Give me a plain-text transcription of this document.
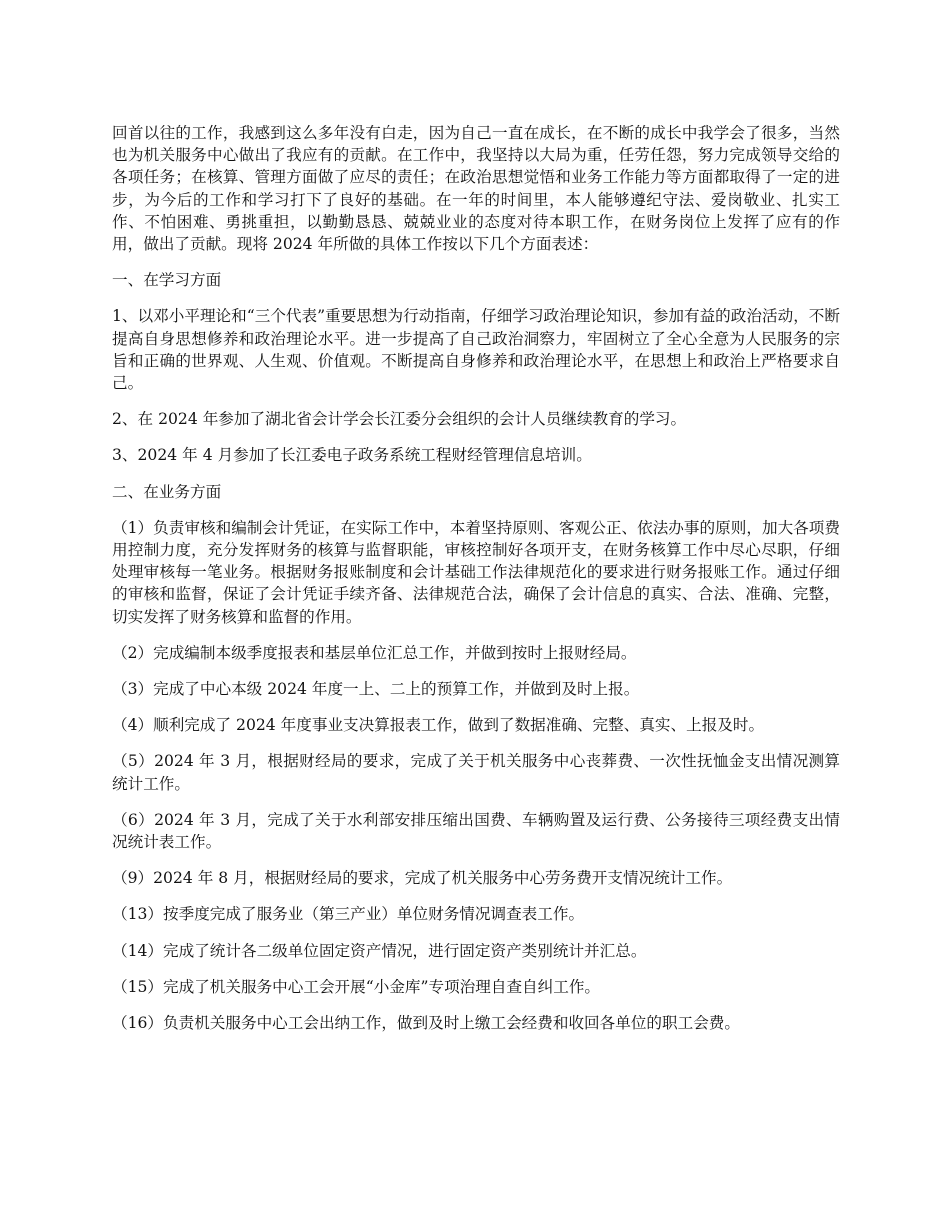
回首以往的工作，我感到这么多年没有白走，因为自己一直在成长，在不断的成长中我学会了很多，当然也为机关服务中心做出了我应有的贡献。在工作中，我坚持以大局为重，任劳任怨，努力完成领导交给的各项任务；在核算、管理方面做了应尽的责任；在政治思想觉悟和业务工作能力等方面都取得了一定的进步，为今后的工作和学习打下了良好的基础。在一年的时间里，本人能够遵纪守法、爱岗敬业、扎实工作、不怕困难、勇挑重担，以勤勤恳恳、兢兢业业的态度对待本职工作，在财务岗位上发挥了应有的作用，做出了贡献。现将 2024 年所做的具体工作按以下几个方面表述：

一、在学习方面

1、以邓小平理论和“三个代表”重要思想为行动指南，仔细学习政治理论知识，参加有益的政治活动，不断提高自身思想修养和政治理论水平。进一步提高了自己政治洞察力，牢固树立了全心全意为人民服务的宗旨和正确的世界观、人生观、价值观。不断提高自身修养和政治理论水平，在思想上和政治上严格要求自己。

2、在 2024 年参加了湖北省会计学会长江委分会组织的会计人员继续教育的学习。

3、2024 年 4 月参加了长江委电子政务系统工程财经管理信息培训。

二、在业务方面

（1）负责审核和编制会计凭证，在实际工作中，本着坚持原则、客观公正、依法办事的原则，加大各项费用控制力度，充分发挥财务的核算与监督职能，审核控制好各项开支，在财务核算工作中尽心尽职，仔细处理审核每一笔业务。根据财务报账制度和会计基础工作法律规范化的要求进行财务报账工作。通过仔细的审核和监督，保证了会计凭证手续齐备、法律规范合法，确保了会计信息的真实、合法、准确、完整，切实发挥了财务核算和监督的作用。

（2）完成编制本级季度报表和基层单位汇总工作，并做到按时上报财经局。

（3）完成了中心本级 2024 年度一上、二上的预算工作，并做到及时上报。

（4）顺利完成了 2024 年度事业支决算报表工作，做到了数据准确、完整、真实、上报及时。

（5）2024 年 3 月，根据财经局的要求，完成了关于机关服务中心丧葬费、一次性抚恤金支出情况测算统计工作。

（6）2024 年 3 月，完成了关于水利部安排压缩出国费、车辆购置及运行费、公务接待三项经费支出情况统计表工作。

（9）2024 年 8 月，根据财经局的要求，完成了机关服务中心劳务费开支情况统计工作。

（13）按季度完成了服务业（第三产业）单位财务情况调查表工作。

（14）完成了统计各二级单位固定资产情况，进行固定资产类别统计并汇总。

（15）完成了机关服务中心工会开展“小金库”专项治理自查自纠工作。

（16）负责机关服务中心工会出纳工作，做到及时上缴工会经费和收回各单位的职工会费。
